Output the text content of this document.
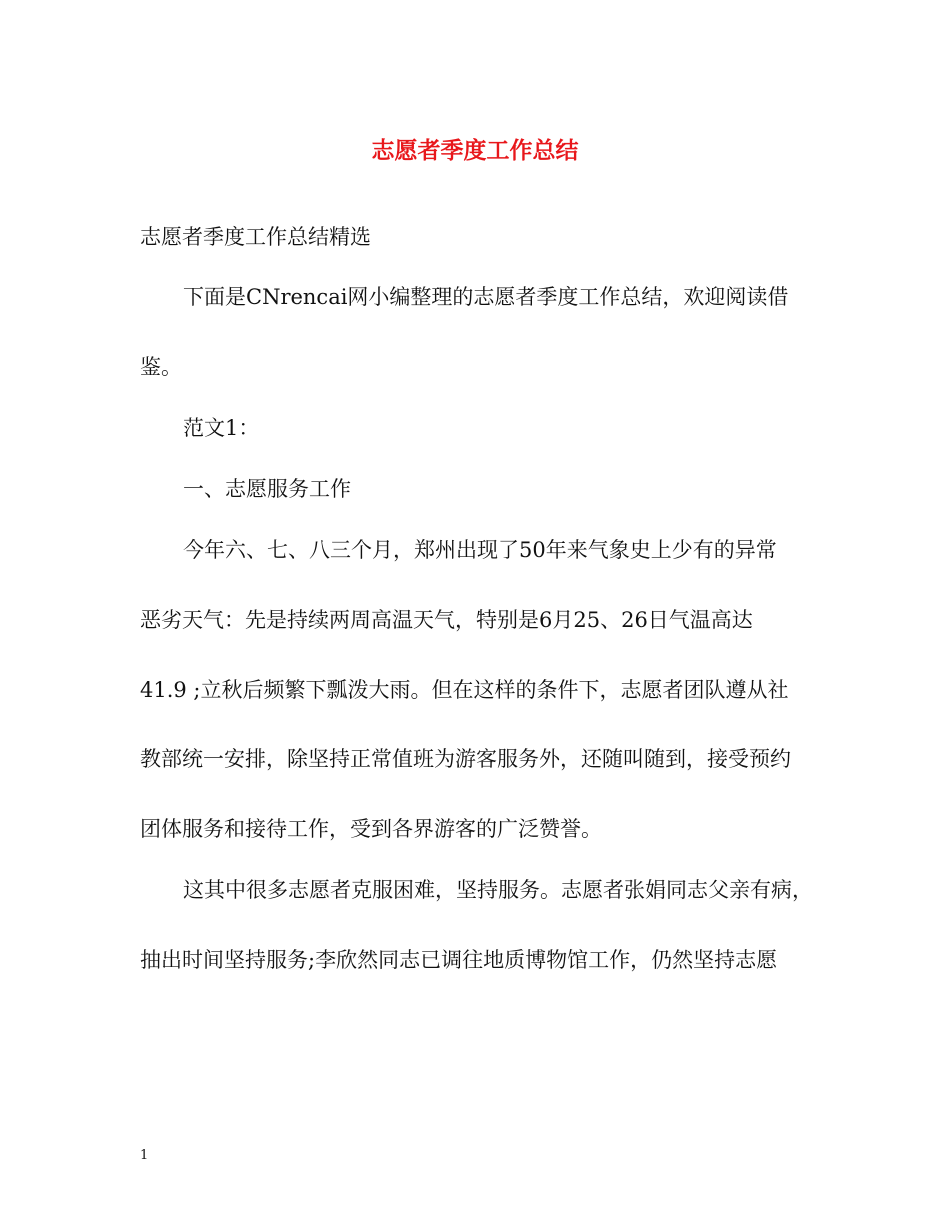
志愿者季度工作总结
志愿者季度工作总结精选
下面是CNrencai网小编整理的志愿者季度工作总结，欢迎阅读借
鉴。
范文1：
一、志愿服务工作
今年六、七、八三个月，郑州出现了50年来气象史上少有的异常
恶劣天气：先是持续两周高温天气，特别是6月25、26日气温高达
41.9 ;立秋后频繁下瓢泼大雨。但在这样的条件下，志愿者团队遵从社
教部统一安排，除坚持正常值班为游客服务外，还随叫随到，接受预约
团体服务和接待工作，受到各界游客的广泛赞誉。
这其中很多志愿者克服困难，坚持服务。志愿者张娟同志父亲有病，
抽出时间坚持服务;李欣然同志已调往地质博物馆工作，仍然坚持志愿
1
